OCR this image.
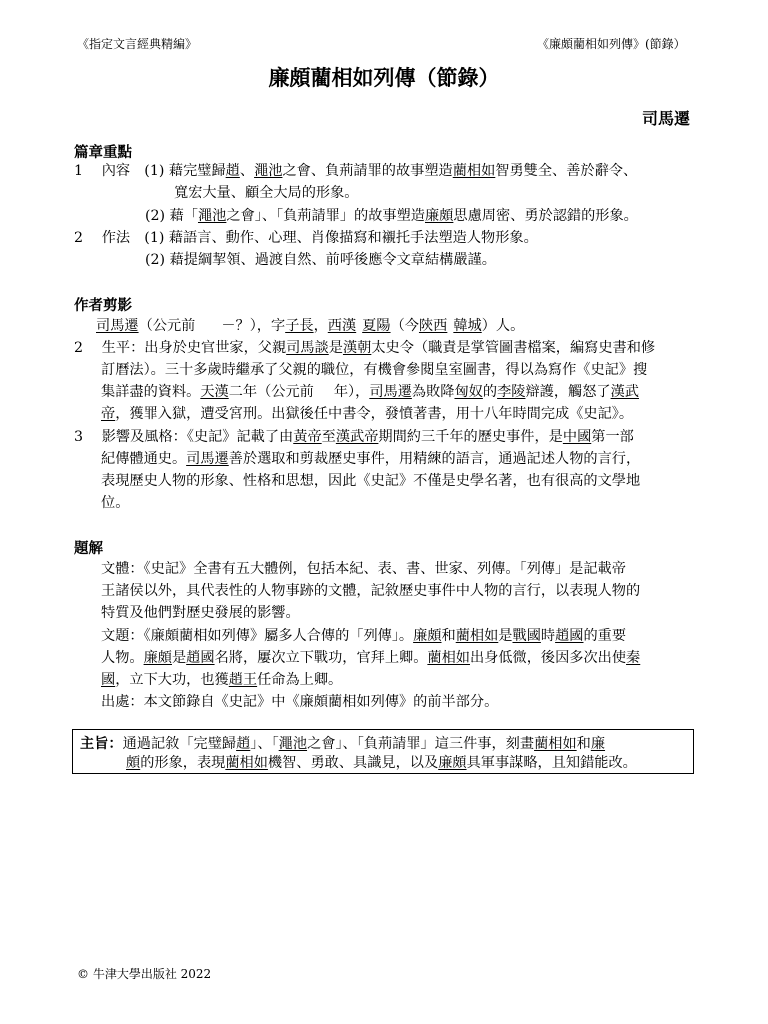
《指定文言經典精編》	《廉頗藺相如列傳》(節錄）
廉頗藺相如列傳（節錄）
司馬遷
篇章重點
1　 內容　(1) 藉完璧歸趙、澠池之會、負荊請罪的故事塑造藺相如智勇雙全、善於辭令、
寬宏大量、顧全大局的形象。
(2) 藉「澠池之會」、「負荊請罪」的故事塑造廉頗思慮周密、勇於認錯的形象。
2　 作法　(1) 藉語言、動作、心理、肖像描寫和襯托手法塑造人物形象。
(2) 藉提綱挈領、過渡自然、前呼後應令文章結構嚴謹。
作者剪影
司馬遷（公元前 －？），字子長，西漢 夏陽（今陝西 韓城）人。
2　 生平：出身於史官世家，父親司馬談是漢朝太史令（職責是掌管圖書檔案，編寫史書和修
訂曆法）。三十多歲時繼承了父親的職位，有機會參閱皇室圖書，得以為寫作《史記》搜
集詳盡的資料。天漢二年（公元前 年），司馬遷為敗降匈奴的李陵辯護，觸怒了漢武
帝，獲罪入獄，遭受宮刑。出獄後任中書令，發憤著書，用十八年時間完成《史記》。
3　 影響及風格：《史記》記載了由黃帝至漢武帝期間約三千年的歷史事件，是中國第一部
紀傳體通史。司馬遷善於選取和剪裁歷史事件，用精練的語言，通過記述人物的言行，
表現歷史人物的形象、性格和思想，因此《史記》不僅是史學名著，也有很高的文學地
位。
題解
文體：《史記》全書有五大體例，包括本紀、表、書、世家、列傳。「列傳」是記載帝
王諸侯以外，具代表性的人物事跡的文體，記敘歷史事件中人物的言行，以表現人物的
特質及他們對歷史發展的影響。
文題：《廉頗藺相如列傳》屬多人合傳的「列傳」。廉頗和藺相如是戰國時趙國的重要
人物。廉頗是趙國名將，屢次立下戰功，官拜上卿。藺相如出身低微，後因多次出使秦
國，立下大功，也獲趙王任命為上卿。
出處：本文節錄自《史記》中《廉頗藺相如列傳》的前半部分。
主旨：通過記敘「完璧歸趙」、「澠池之會」、「負荊請罪」這三件事，刻畫藺相如和廉
頗的形象，表現藺相如機智、勇敢、具識見，以及廉頗具軍事謀略，且知錯能改。
© 牛津大學出版社 2022
